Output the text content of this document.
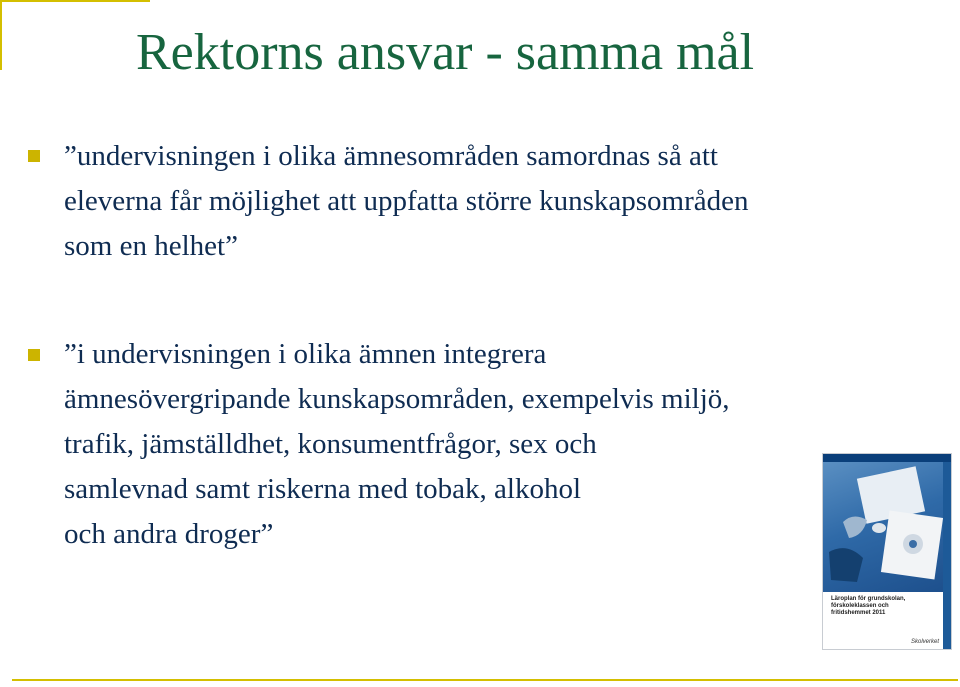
Rektorns ansvar - samma mål

”undervisningen i olika ämnesområden samordnas så att
eleverna får möjlighet att uppfatta större kunskapsområden
som en helhet”

”i undervisningen i olika ämnen integrera
ämnesövergripande kunskapsområden, exempelvis miljö,
trafik, jämställdhet, konsumentfrågor, sex och
samlevnad samt riskerna med tobak, alkohol
och andra droger”

Läroplan för grundskolan,
förskoleklassen och
fritidshemmet 2011

Skolverket
